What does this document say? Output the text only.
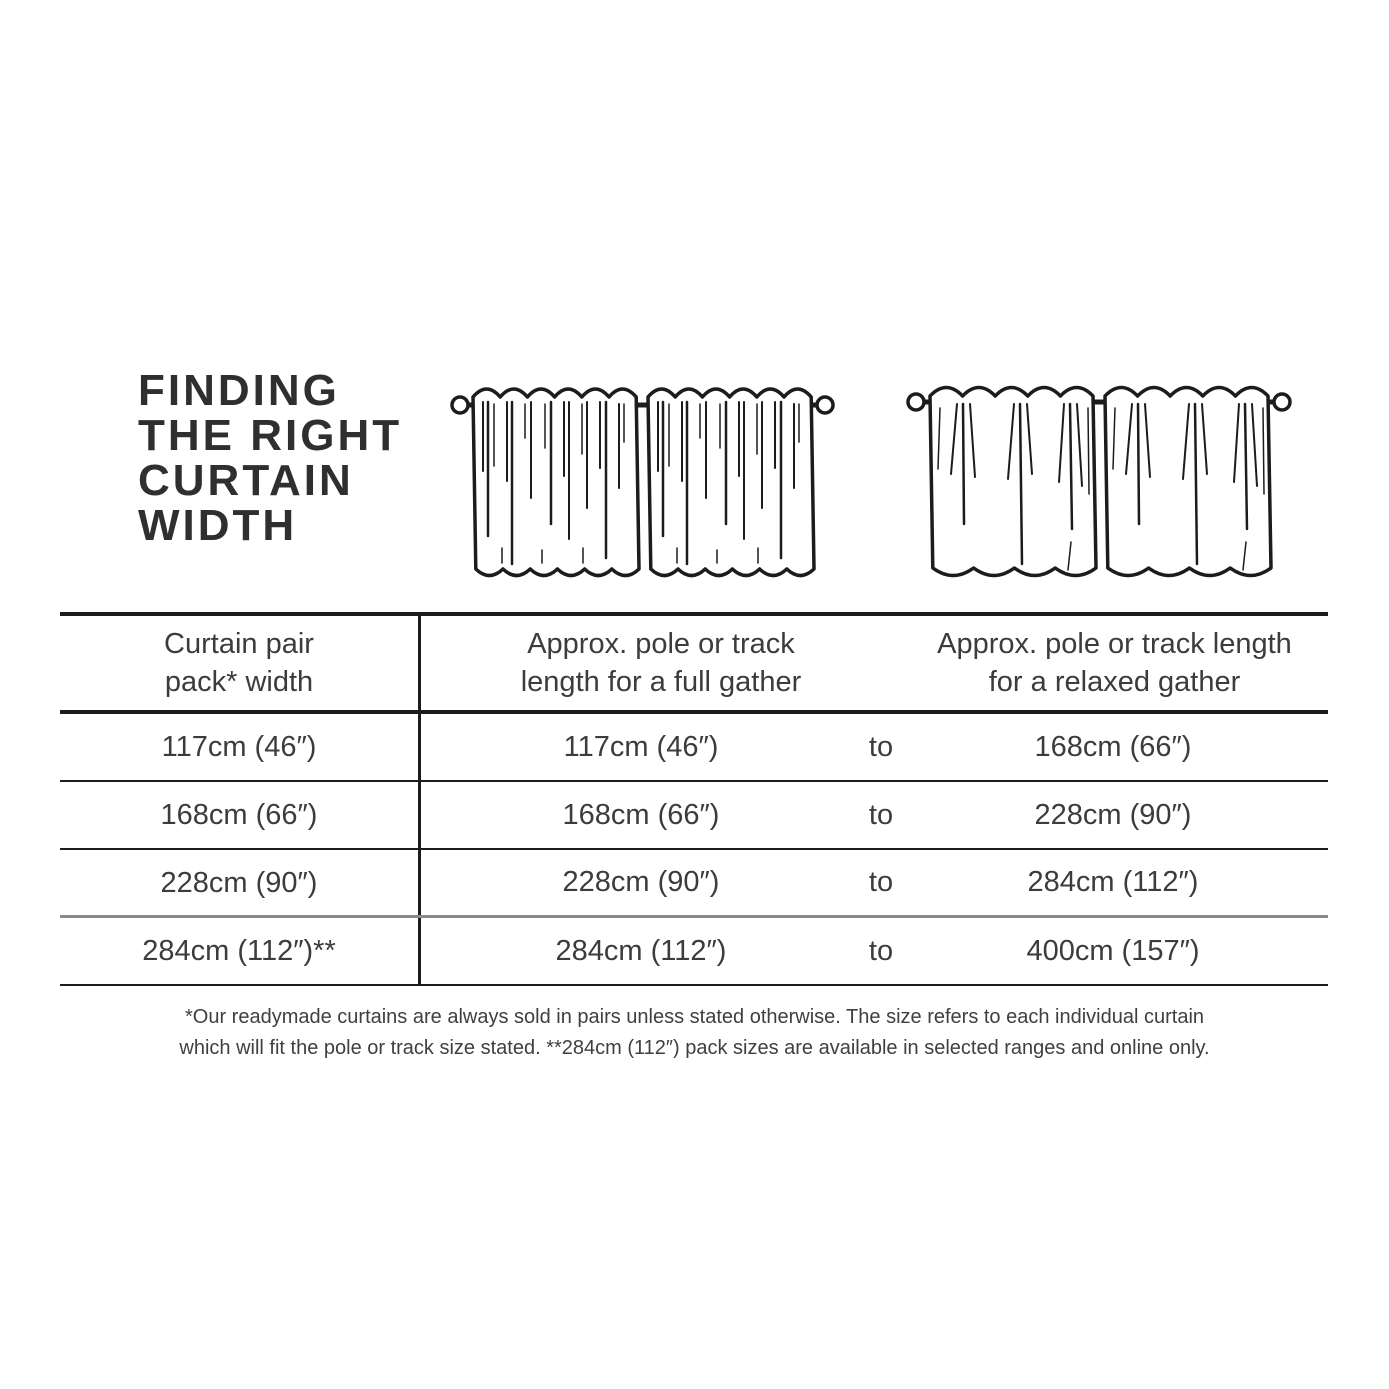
FINDING
THE RIGHT
CURTAIN
WIDTH
Curtain pair
pack* width
Approx. pole or track
length for a full gather
Approx. pole or track length
for a relaxed gather
117cm (46″)	117cm (46″)	to	168cm (66″)
168cm (66″)	168cm (66″)	to	228cm (90″)
228cm (90″)	228cm (90″)	to	284cm (112″)
284cm (112″)**	284cm (112″)	to	400cm (157″)
*Our readymade curtains are always sold in pairs unless stated otherwise. The size refers to each individual curtain
which will fit the pole or track size stated. **284cm (112″) pack sizes are available in selected ranges and online only.
